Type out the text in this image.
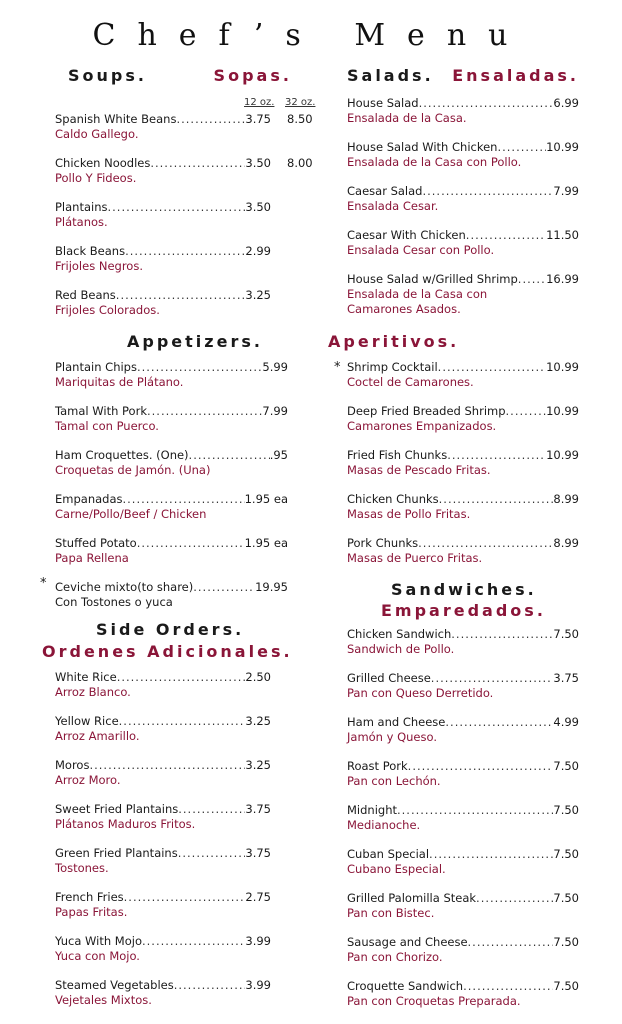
Chef’s Menu
Soups.	Sopas.	Salads. Ensaladas.
12 oz. 32 oz.
Appetizers.	Aperitivos.
Side Orders.
Ordenes Adicionales.
Sandwiches.
Emparedados.
*
*
Spanish White Beans .....	3.75 8.50
Caldo Gallego.
Chicken Noodles .....	3.50 8.00
Pollo Y Fideos.
Plantains .....	3.50
Plátanos.
Black Beans .....	2.99
Frijoles Negros.
Red Beans .....	3.25
Frijoles Colorados.
House Salad .....	6.99
Ensalada de la Casa.
House Salad With Chicken .....	10.99
Ensalada de la Casa con Pollo.
Caesar Salad .....	7.99
Ensalada Cesar.
Caesar With Chicken .....	11.50
Ensalada Cesar con Pollo.
House Salad w/Grilled Shrimp ..... 16.99
Ensalada de la Casa con
Camarones Asados.
Plantain Chips .....	5.99
Mariquitas de Plátano.
Tamal With Pork .....	7.99
Tamal con Puerco.
Ham Croquettes. (One) .....	.95
Croquetas de Jamón. (Una)
Empanadas .....	1.95 ea
Carne/Pollo/Beef / Chicken
Stuffed Potato .....	1.95 ea
Papa Rellena
Ceviche mixto(to share) .....	19.95
Con Tostones o yuca
Shrimp Cocktail .....	10.99
Coctel de Camarones.
Deep Fried Breaded Shrimp .....	10.99
Camarones Empanizados.
Fried Fish Chunks .....	10.99
Masas de Pescado Fritas.
Chicken Chunks .....	8.99
Masas de Pollo Fritas.
Pork Chunks .....	8.99
Masas de Puerco Fritas.
White Rice .....	2.50
Arroz Blanco.
Yellow Rice .....	3.25
Arroz Amarillo.
Moros .....	3.25
Arroz Moro.
Sweet Fried Plantains .....	3.75
Plátanos Maduros Fritos.
Green Fried Plantains .....	3.75
Tostones.
French Fries .....	2.75
Papas Fritas.
Yuca With Mojo .....	3.99
Yuca con Mojo.
Steamed Vegetables .....	3.99
Vejetales Mixtos.
Chicken Sandwich .....	7.50
Sandwich de Pollo.
Grilled Cheese .....	3.75
Pan con Queso Derretido.
Ham and Cheese .....	4.99
Jamón y Queso.
Roast Pork .....	7.50
Pan con Lechón.
Midnight .....	7.50
Medianoche.
Cuban Special .....	7.50
Cubano Especial.
Grilled Palomilla Steak .....	7.50
Pan con Bistec.
Sausage and Cheese .....	7.50
Pan con Chorizo.
Croquette Sandwich .....	7.50
Pan con Croquetas Preparada.
